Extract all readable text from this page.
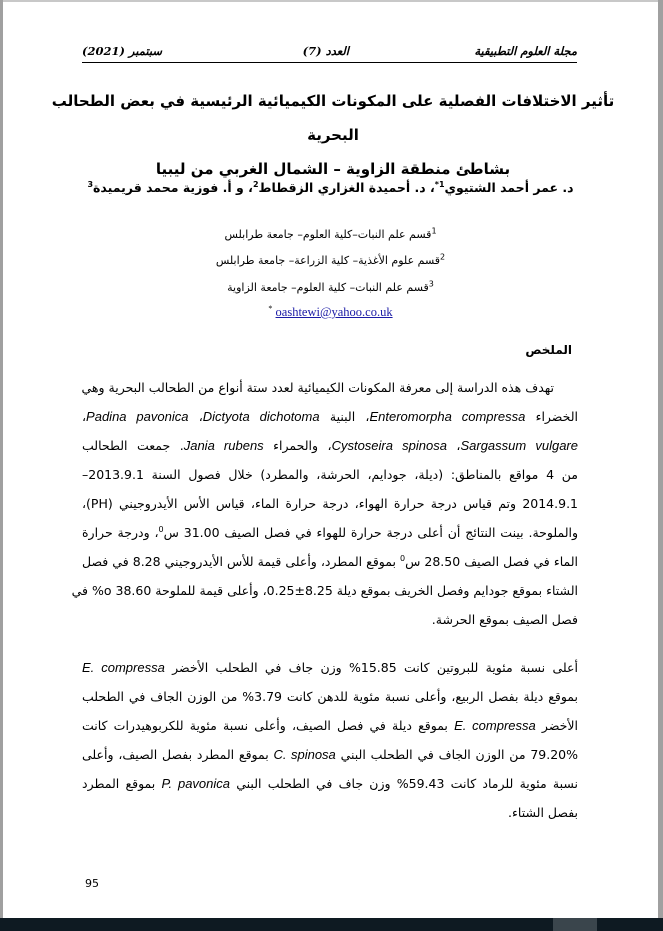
مجلة العلوم التطبيقية
العدد (7)
سبتمبر (2021)
تأثير الاختلافات الفصلية على المكونات الكيميائية الرئيسية في بعض الطحالب البحرية
بشاطئ منطقة الزاوية – الشمال الغربي من ليبيا
د. عمر أحمد الشتيوي$^{1*}$، د. أحميدة الغزاري الزقطاط$^2$، و أ. فوزية محمد قريميدة$^3$
$^1$قسم علم النبات–كلية العلوم– جامعة طرابلس
$^2$قسم علوم الأغذية– كلية الزراعة– جامعة طرابلس
$^3$قسم علم النبات– كلية العلوم– جامعة الزاوية
* oashtewi@yahoo.co.uk
الملخص
تهدف هذه الدراسة إلى معرفة المكونات الكيميائية لعدد ستة أنواع من الطحالب البحرية وهي
الخضراء Enteromorpha compressa، البنية Dictyota dichotoma، Padina pavonica،
Sargassum vulgare، Cystoseira spinosa، والحمراء Jania rubens. جمعت الطحالب
من 4 مواقع بالمناطق: (ديلة، جودايم، الحرشة، والمطرد) خلال فصول السنة 2013.9.1–
2014.9.1 وتم قياس درجة حرارة الهواء، درجة حرارة الماء، قياس الأس الأيدروجيني (PH)،
والملوحة. بينت النتائج أن أعلى درجة حرارة للهواء في فصل الصيف 31.00 س$^0$، ودرجة حرارة
الماء في فصل الصيف 28.50 س$^0$ بموقع المطرد، وأعلى قيمة للأس الأيدروجيني 8.28 في فصل
الشتاء بموقع جودايم وفصل الخريف بموقع ديلة 8.25±0.25، وأعلى قيمة للملوحة 38.60 o% في
فصل الصيف بموقع الحرشة.
أعلى نسبة مئوية للبروتين كانت 15.85% وزن جاف في الطحلب الأخضر E. compressa
بموقع ديلة بفصل الربيع، وأعلى نسبة مئوية للدهن كانت 3.79% من الوزن الجاف في الطحلب
الأخضر E. compressa بموقع ديلة في فصل الصيف، وأعلى نسبة مئوية للكربوهيدرات كانت
79.20% من الوزن الجاف في الطحلب البني C. spinosa بموقع المطرد بفصل الصيف، وأعلى
نسبة مئوية للرماد كانت 59.43% وزن جاف في الطحلب البني P. pavonica بموقع المطرد
بفصل الشتاء.
95
